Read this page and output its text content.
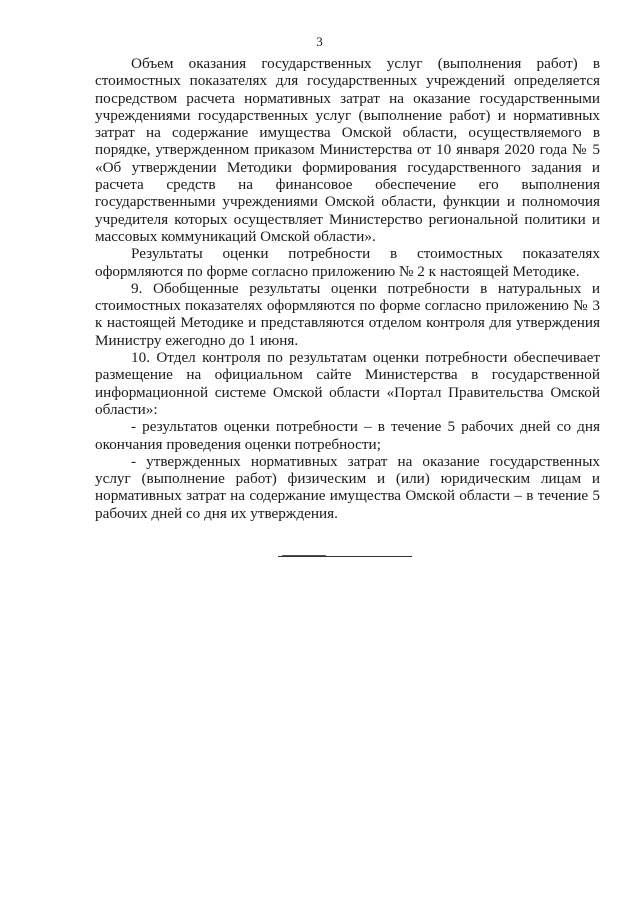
3

Объем оказания государственных услуг (выполнения работ) в стоимостных показателях для государственных учреждений определяется посредством расчета нормативных затрат на оказание государственными учреждениями государственных услуг (выполнение работ) и нормативных затрат на содержание имущества Омской области, осуществляемого в порядке, утвержденном приказом Министерства от 10 января 2020 года № 5 «Об утверждении Методики формирования государственного задания и расчета средств на финансовое обеспечение его выполнения государственными учреждениями Омской области, функции и полномочия учредителя которых осуществляет Министерство региональной политики и массовых коммуникаций Омской области».

Результаты оценки потребности в стоимостных показателях оформляются по форме согласно приложению № 2 к настоящей Методике.

9. Обобщенные результаты оценки потребности в натуральных и стоимостных показателях оформляются по форме согласно приложению № 3 к настоящей Методике и представляются отделом контроля для утверждения Министру ежегодно до 1 июня.

10. Отдел контроля по результатам оценки потребности обеспечивает размещение на официальном сайте Министерства в государственной информационной системе Омской области «Портал Правительства Омской области»:

- результатов оценки потребности – в течение 5 рабочих дней со дня окончания проведения оценки потребности;

- утвержденных нормативных затрат на оказание государственных услуг (выполнение работ) физическим и (или) юридическим лицам и нормативных затрат на содержание имущества Омской области – в течение 5 рабочих дней со дня их утверждения.
